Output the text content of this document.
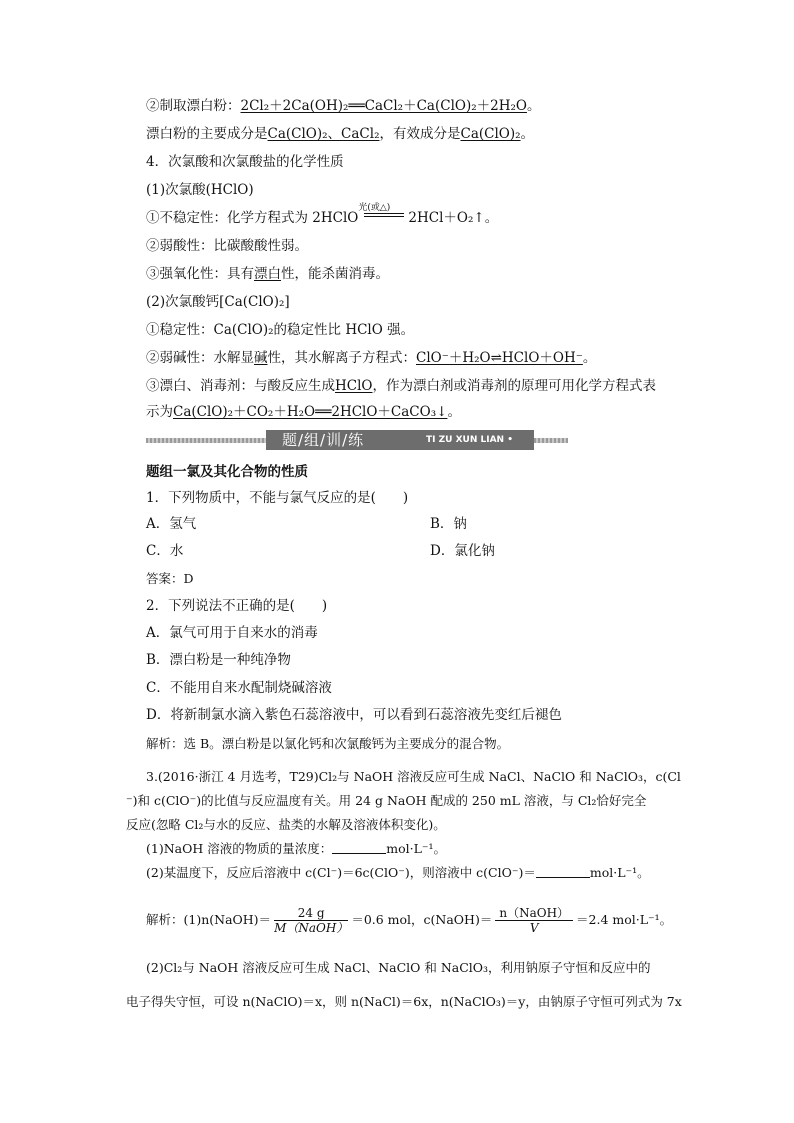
②制取漂白粉：2Cl₂＋2Ca(OH)₂══CaCl₂＋Ca(ClO)₂＋2H₂O。
漂白粉的主要成分是Ca(ClO)₂、CaCl₂，有效成分是Ca(ClO)₂。
4．次氯酸和次氯酸盐的化学性质
(1)次氯酸(HClO)
①不稳定性：化学方程式为 2HClO
光(或△)
2HCl＋O₂↑。
②弱酸性：比碳酸酸性弱。
③强氧化性：具有漂白性，能杀菌消毒。
(2)次氯酸钙[Ca(ClO)₂]
①稳定性：Ca(ClO)₂的稳定性比 HClO 强。
②弱碱性：水解显碱性，其水解离子方程式：ClO⁻＋H₂O⇌HClO＋OH⁻。
③漂白、消毒剂：与酸反应生成HClO，作为漂白剂或消毒剂的原理可用化学方程式表
示为Ca(ClO)₂＋CO₂＋H₂O══2HClO＋CaCO₃↓。
题/组/训/练	TI ZU XUN LIAN •
题组一氯及其化合物的性质
1．下列物质中，不能与氯气反应的是(　　)
A．氢气	B．钠
C．水	D．氯化钠
答案：D
2．下列说法不正确的是(　　)
A．氯气可用于自来水的消毒
B．漂白粉是一种纯净物
C．不能用自来水配制烧碱溶液
D．将新制氯水滴入紫色石蕊溶液中，可以看到石蕊溶液先变红后褪色
解析：选 B。漂白粉是以氯化钙和次氯酸钙为主要成分的混合物。
3.(2016·浙江 4 月选考，T29)Cl₂与 NaOH 溶液反应可生成 NaCl、NaClO 和 NaClO₃，c(Cl
⁻)和 c(ClO⁻)的比值与反应温度有关。用 24 g NaOH 配成的 250 mL 溶液，与 Cl₂恰好完全
反应(忽略 Cl₂与水的反应、盐类的水解及溶液体积变化)。
(1)NaOH 溶液的物质的量浓度：	mol·L⁻¹。
(2)某温度下，反应后溶液中 c(Cl⁻)＝6c(ClO⁻)，则溶液中 c(ClO⁻)＝	mol·L⁻¹。
解析：(1)n(NaOH)＝ $\frac{24 g}{\text{M（NaOH）}} =0.6$ mol，c(NaOH)＝ $\frac{\text{n（NaOH）}}{V} =2.4$ mol·L⁻¹。
(2)Cl₂与 NaOH 溶液反应可生成 NaCl、NaClO 和 NaClO₃，利用钠原子守恒和反应中的
电子得失守恒，可设 n(NaClO)＝x，则 n(NaCl)＝6x，n(NaClO₃)＝y，由钠原子守恒可列式为 7x
